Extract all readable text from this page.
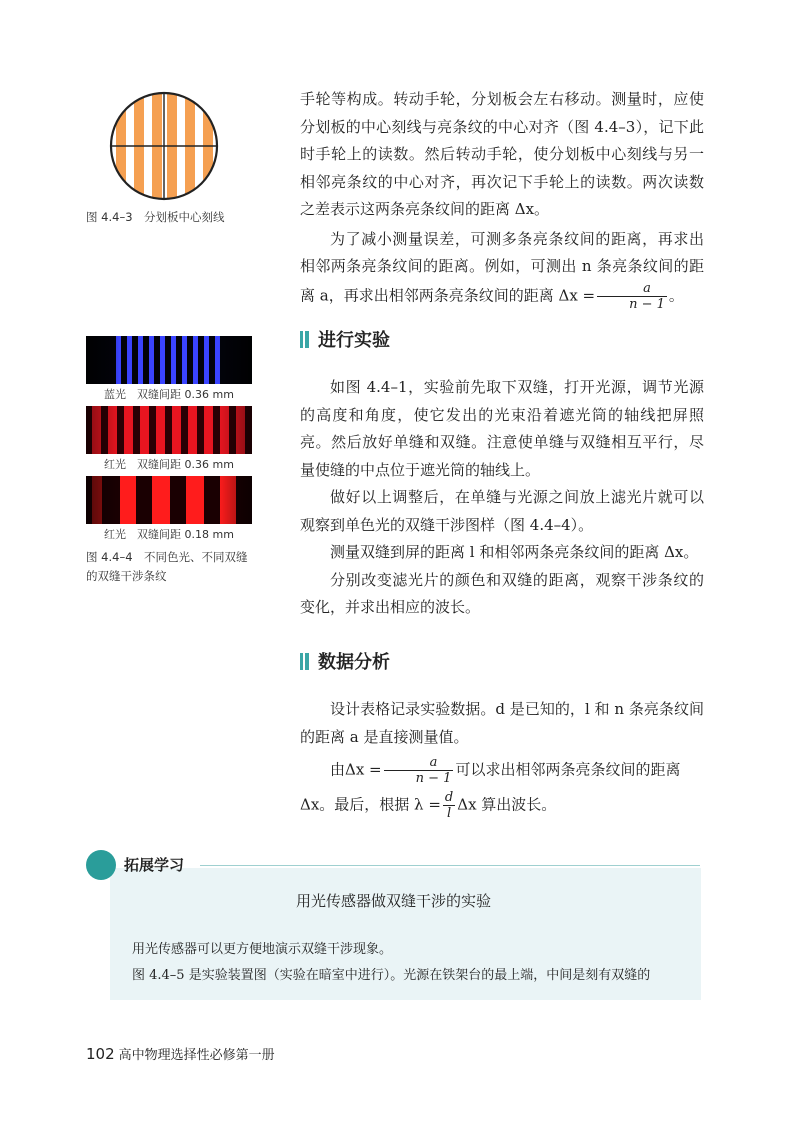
图 4.4–3　分划板中心刻线
蓝光　双缝间距 0.36 mm
红光　双缝间距 0.36 mm
红光　双缝间距 0.18 mm
图 4.4–4　不同色光、不同双缝
的双缝干涉条纹

手轮等构成。转动手轮，分划板会左右移动。测量时，应使分划板的中心刻线与亮条纹的中心对齐（图 4.4–3），记下此时手轮上的读数。然后转动手轮，使分划板中心刻线与另一相邻亮条纹的中心对齐，再次记下手轮上的读数。两次读数之差表示这两条亮条纹间的距离 Δx。

为了减小测量误差，可测多条亮条纹间的距离，再求出相邻两条亮条纹间的距离。例如，可测出 n 条亮条纹间的距离 a，再求出相邻两条亮条纹间的距离 $\Delta x = \frac{a}{n - 1}$ 。

进行实验

如图 4.4–1，实验前先取下双缝，打开光源，调节光源的高度和角度，使它发出的光束沿着遮光筒的轴线把屏照亮。然后放好单缝和双缝。注意使单缝与双缝相互平行，尽量使缝的中点位于遮光筒的轴线上。

做好以上调整后，在单缝与光源之间放上滤光片就可以观察到单色光的双缝干涉图样（图 4.4–4）。

测量双缝到屏的距离 l 和相邻两条亮条纹间的距离 Δx。

分别改变滤光片的颜色和双缝的距离，观察干涉条纹的变化，并求出相应的波长。

数据分析

设计表格记录实验数据。d 是已知的，l 和 n 条亮条纹间的距离 a 是直接测量值。

由$\Delta x = \frac{a}{n - 1}$ 可以求出相邻两条亮条纹间的距离

Δx。最后，根据 $\lambda = \frac{d}{l}$ Δx 算出波长。

拓展学习
用光传感器做双缝干涉的实验
用光传感器可以更方便地演示双缝干涉现象。
图 4.4–5 是实验装置图（实验在暗室中进行）。光源在铁架台的最上端，中间是刻有双缝的
102 高中物理选择性必修第一册
